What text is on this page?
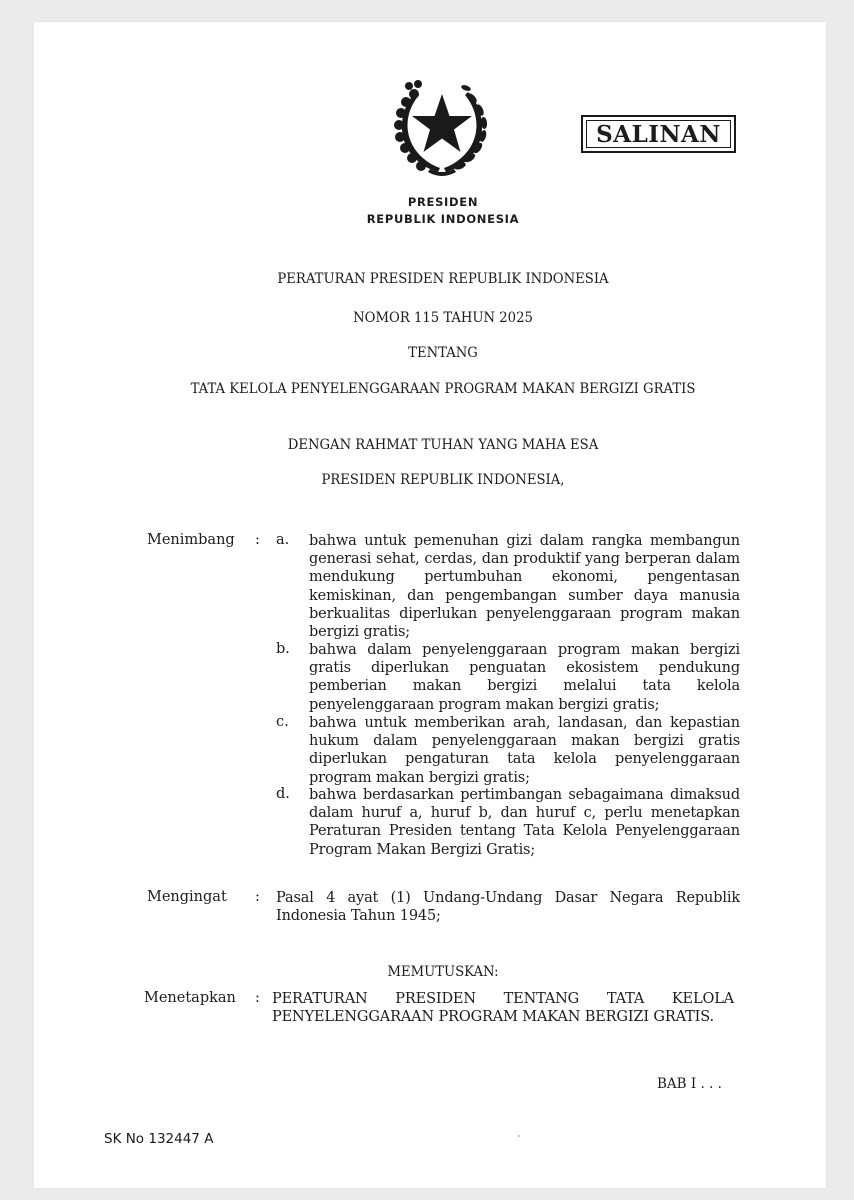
SALINAN
PRESIDEN
REPUBLIK INDONESIA
PERATURAN PRESIDEN REPUBLIK INDONESIA
NOMOR 115 TAHUN 2025
TENTANG
TATA KELOLA PENYELENGGARAAN PROGRAM MAKAN BERGIZI GRATIS
DENGAN RAHMAT TUHAN YANG MAHA ESA
PRESIDEN REPUBLIK INDONESIA,
Menimbang : a. bahwa untuk pemenuhan gizi dalam rangka membangun generasi sehat, cerdas, dan produktif yang berperan dalam mendukung pertumbuhan ekonomi, pengentasan kemiskinan, dan pengembangan sumber daya manusia berkualitas diperlukan penyelenggaraan program makan bergizi gratis;
b. bahwa dalam penyelenggaraan program makan bergizi gratis diperlukan penguatan ekosistem pendukung pemberian makan bergizi melalui tata kelola penyelenggaraan program makan bergizi gratis;
c. bahwa untuk memberikan arah, landasan, dan kepastian hukum dalam penyelenggaraan makan bergizi gratis diperlukan pengaturan tata kelola penyelenggaraan program makan bergizi gratis;
d. bahwa berdasarkan pertimbangan sebagaimana dimaksud dalam huruf a, huruf b, dan huruf c, perlu menetapkan Peraturan Presiden tentang Tata Kelola Penyelenggaraan Program Makan Bergizi Gratis;
Mengingat : Pasal 4 ayat (1) Undang-Undang Dasar Negara Republik Indonesia Tahun 1945;
MEMUTUSKAN:
Menetapkan : PERATURAN PRESIDEN TENTANG TATA KELOLA PENYELENGGARAAN PROGRAM MAKAN BERGIZI GRATIS.
BAB I . . .
SK No 132447 A
